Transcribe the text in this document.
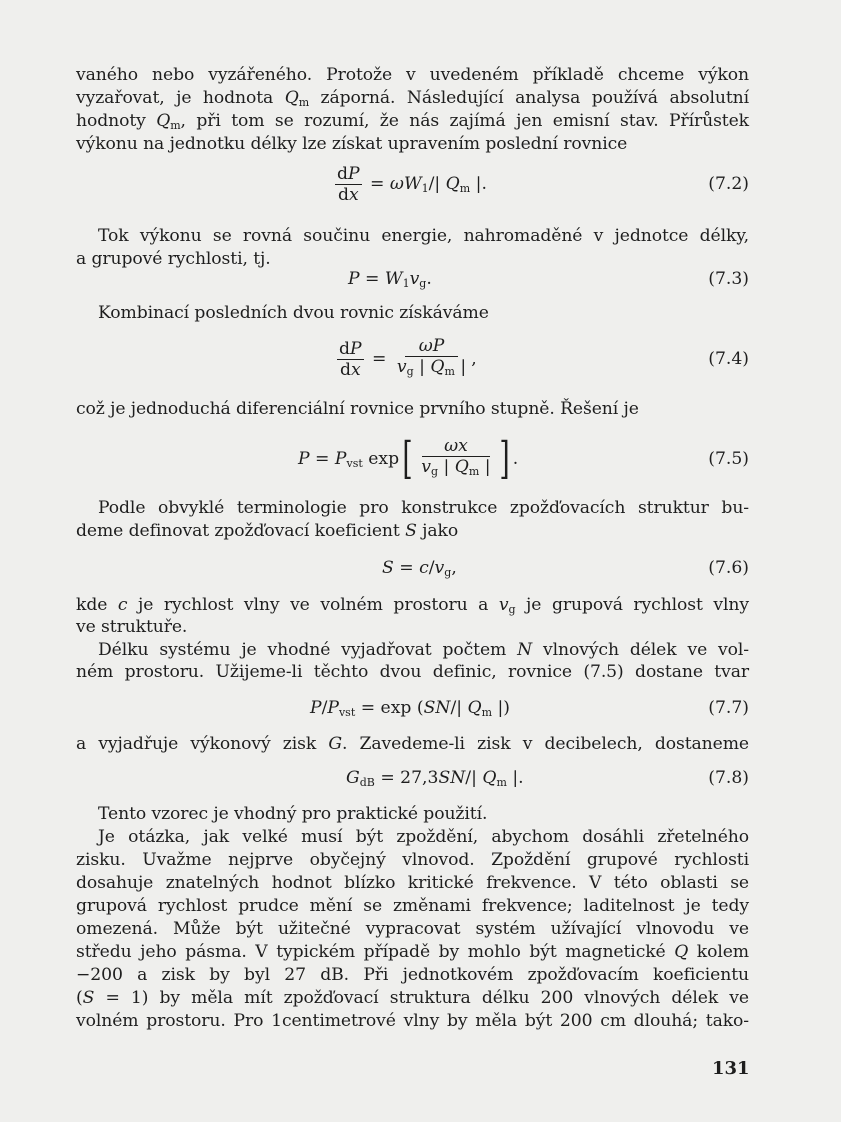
vaného nebo vyzářeného. Protože v uvedeném příkladě chceme výkon
vyzařovat, je hodnota $Q_m$ záporná. Následující analysa používá absolutní
hodnoty $Q_m$, při tom se rozumí, že nás zajímá jen emisní stav. Přírůstek
výkonu na jednotku délky lze získat upravením poslední rovnice
$\frac{dP}{dx} = \omega W_1/|$ $Q_m$ |.	(7.2)
Tok výkonu se rovná součinu energie, nahromaděné v jednotce délky,
a grupové rychlosti, tj.
$P = W_1v_g$.	(7.3)
Kombinací posledních dvou rovnic získáváme
$\frac{dP}{dx} = \frac{\omega P}{v_g | Q_m |}$ ,	(7.4)
což je jednoduchá diferenciální rovnice prvního stupně. Řešení je
$P = P_{vst}$ exp [ $\frac{\omega x}{v_g | Q_m |}$ ] .	(7.5)
Podle obvyklé terminologie pro konstrukce zpožďovacích struktur bu-
deme definovat zpožďovací koeficient S jako
$S = c/v_g$,	(7.6)
kde c je rychlost vlny ve volném prostoru a $v_g$ je grupová rychlost vlny
ve struktuře.
Délku systému je vhodné vyjadřovat počtem N vlnových délek ve vol-
ném prostoru. Užijeme-li těchto dvou definic, rovnice (7.5) dostane tvar
$P/P_{vst} = \exp (SN/|$ $Q_m$ |)	(7.7)
a vyjadřuje výkonový zisk G. Zavedeme-li zisk v decibelech, dostaneme
$G_{dB} = 27,3SN/|$ $Q_m$ |.	(7.8)
Tento vzorec je vhodný pro praktické použití.
Je otázka, jak velké musí být zpoždění, abychom dosáhli zřetelného
zisku. Uvažme nejprve obyčejný vlnovod. Zpoždění grupové rychlosti
dosahuje znatelných hodnot blízko kritické frekvence. V této oblasti se
grupová rychlost prudce mění se změnami frekvence; laditelnost je tedy
omezená. Může být užitečné vypracovat systém užívající vlnovodu ve
středu jeho pásma. V typickém případě by mohlo být magnetické Q kolem
−200 a zisk by byl 27 dB. Při jednotkovém zpožďovacím koeficientu
(S = 1) by měla mít zpožďovací struktura délku 200 vlnových délek ve
volném prostoru. Pro 1centimetrové vlny by měla být 200 cm dlouhá; tako-
131
